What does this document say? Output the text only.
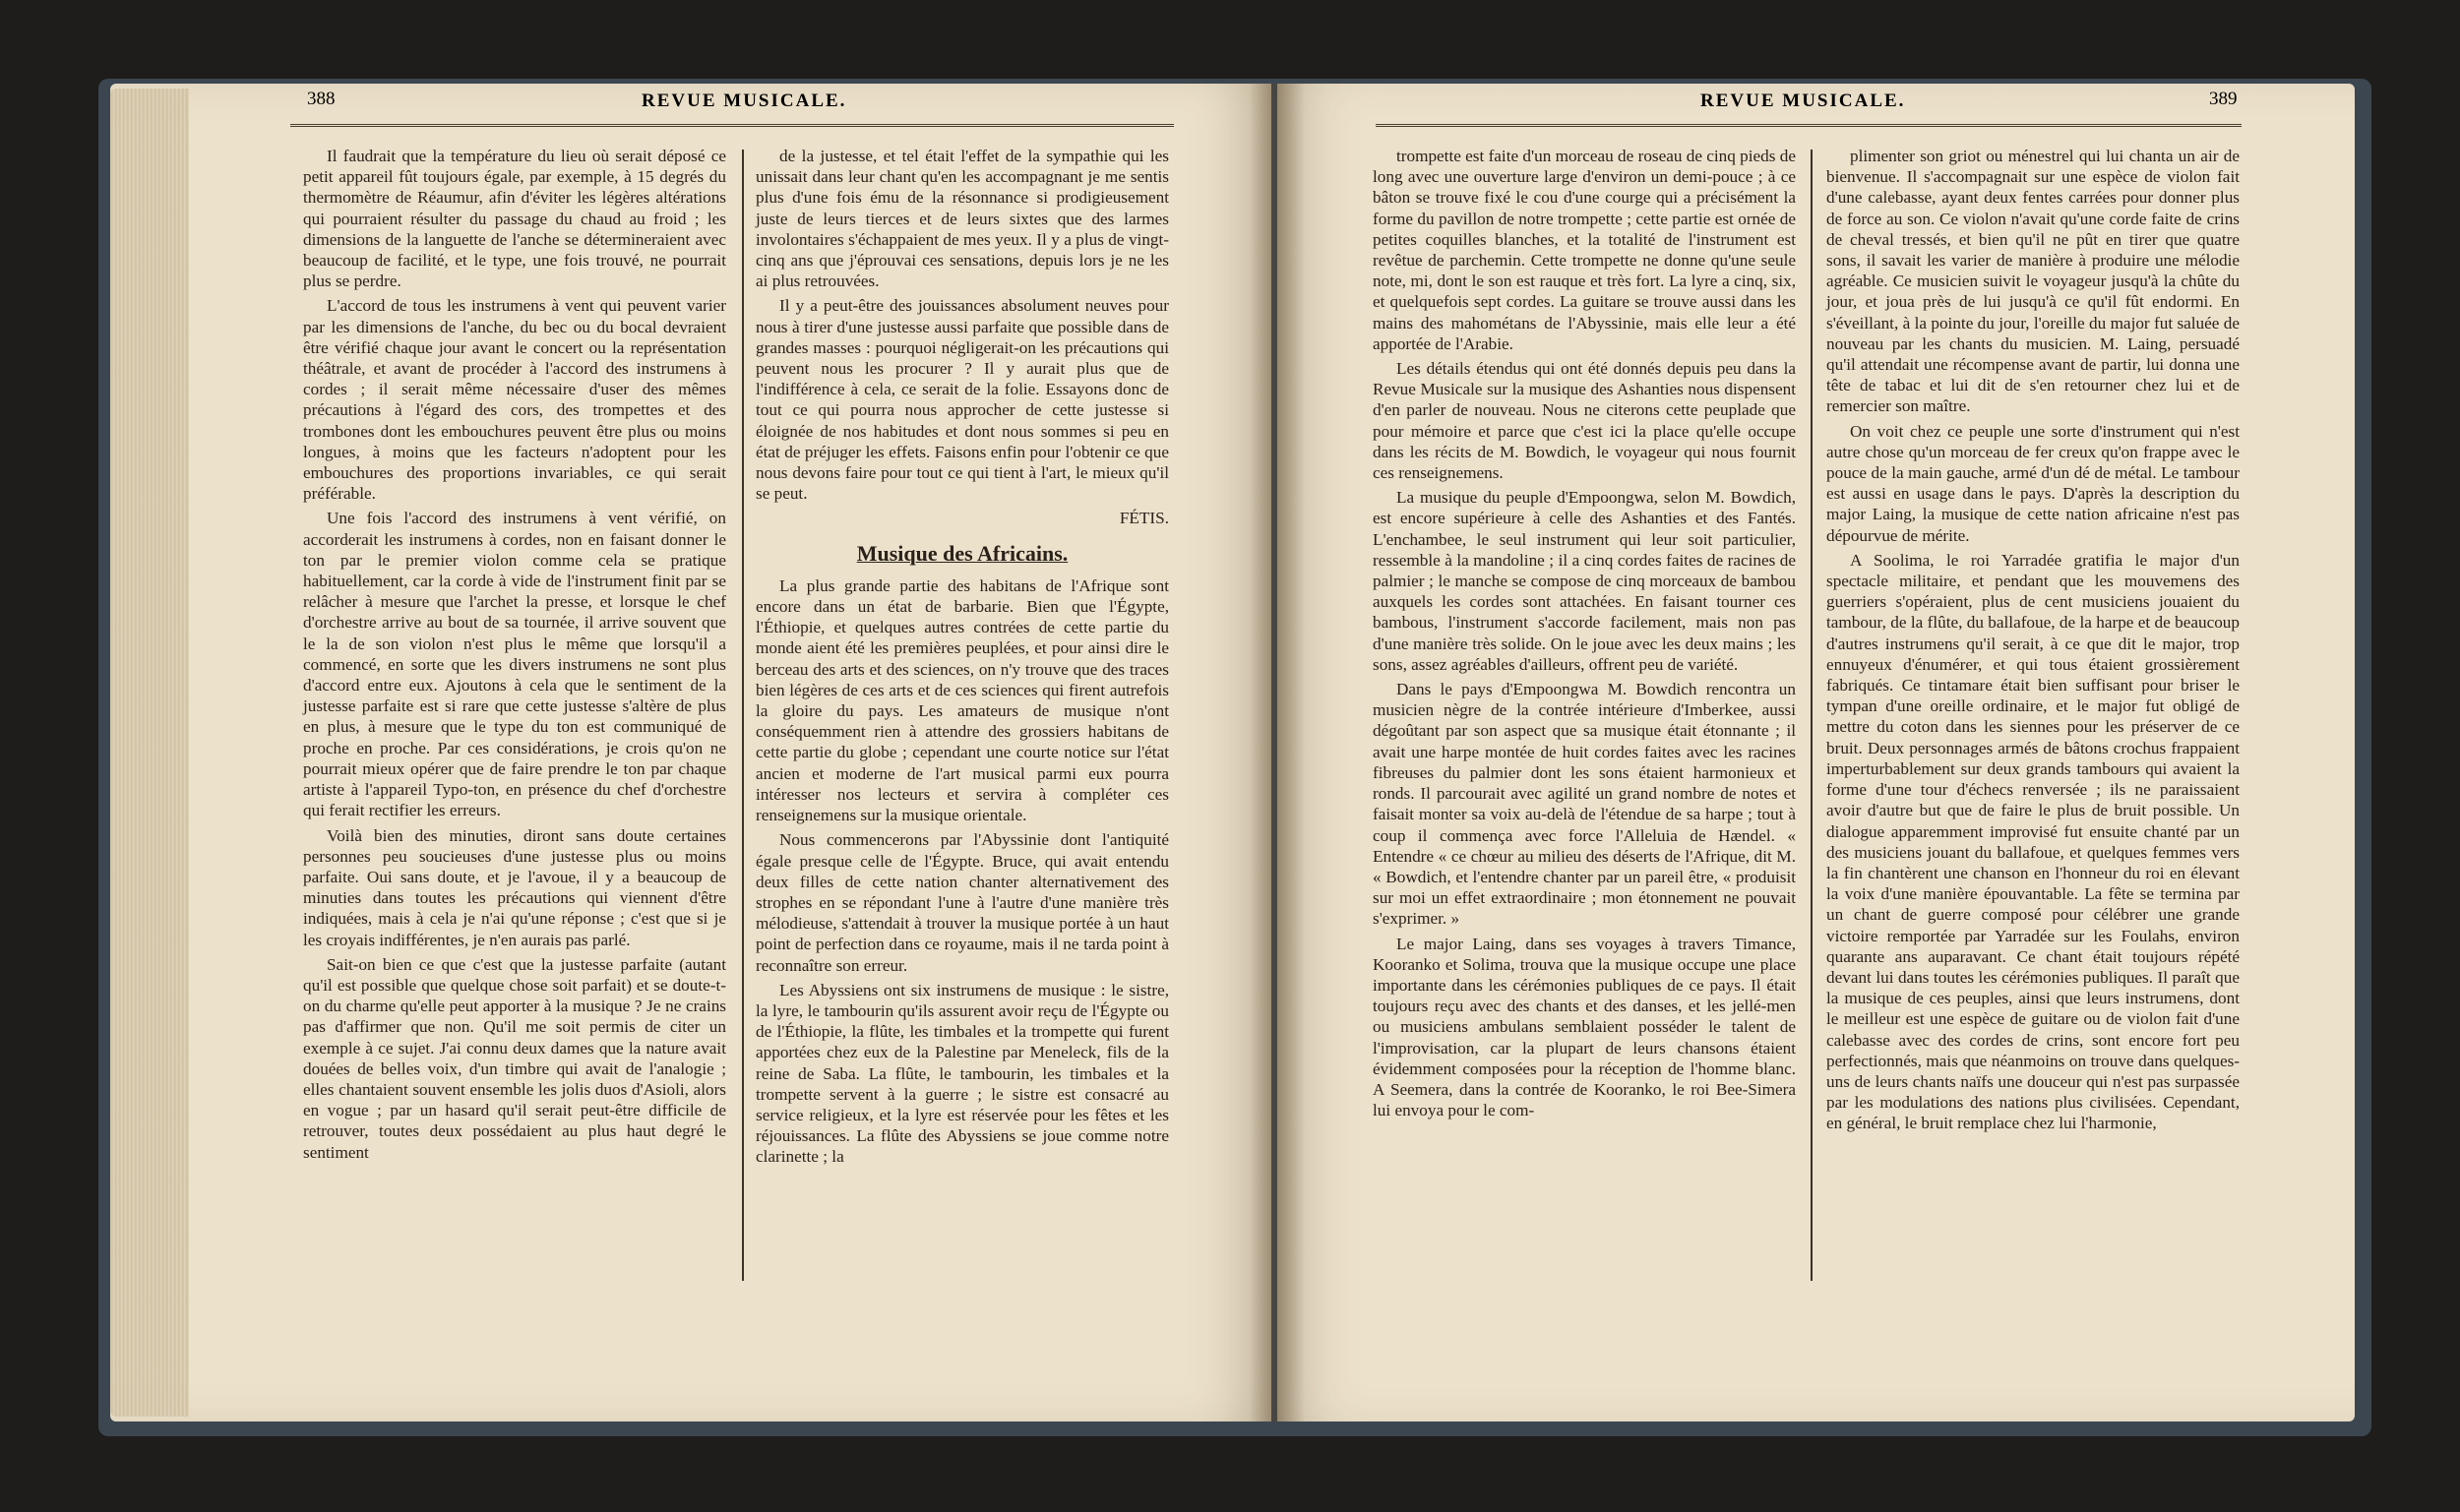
388	REVUE MUSICALE.

Il faudrait que la température du lieu où serait déposé ce petit appareil fût toujours égale, par exemple, à 15 degrés du thermomètre de Réaumur, afin d'éviter les légères altérations qui pourraient résulter du passage du chaud au froid ; les dimensions de la languette de l'anche se détermineraient avec beaucoup de facilité, et le type, une fois trouvé, ne pourrait plus se perdre.

L'accord de tous les instrumens à vent qui peuvent varier par les dimensions de l'anche, du bec ou du bocal devraient être vérifié chaque jour avant le concert ou la représentation théâtrale, et avant de procéder à l'accord des instrumens à cordes ; il serait même nécessaire d'user des mêmes précautions à l'égard des cors, des trompettes et des trombones dont les embouchures peuvent être plus ou moins longues, à moins que les facteurs n'adoptent pour les embouchures des proportions invariables, ce qui serait préférable.

Une fois l'accord des instrumens à vent vérifié, on accorderait les instrumens à cordes, non en faisant donner le ton par le premier violon comme cela se pratique habituellement, car la corde à vide de l'instrument finit par se relâcher à mesure que l'archet la presse, et lorsque le chef d'orchestre arrive au bout de sa tournée, il arrive souvent que le la de son violon n'est plus le même que lorsqu'il a commencé, en sorte que les divers instrumens ne sont plus d'accord entre eux. Ajoutons à cela que le sentiment de la justesse parfaite est si rare que cette justesse s'altère de plus en plus, à mesure que le type du ton est communiqué de proche en proche. Par ces considérations, je crois qu'on ne pourrait mieux opérer que de faire prendre le ton par chaque artiste à l'appareil Typo-ton, en présence du chef d'orchestre qui ferait rectifier les erreurs.

Voilà bien des minuties, diront sans doute certaines personnes peu soucieuses d'une justesse plus ou moins parfaite. Oui sans doute, et je l'avoue, il y a beaucoup de minuties dans toutes les précautions qui viennent d'être indiquées, mais à cela je n'ai qu'une réponse ; c'est que si je les croyais indifférentes, je n'en aurais pas parlé.

Sait-on bien ce que c'est que la justesse parfaite (autant qu'il est possible que quelque chose soit parfait) et se doute-t-on du charme qu'elle peut apporter à la musique ? Je ne crains pas d'affirmer que non. Qu'il me soit permis de citer un exemple à ce sujet. J'ai connu deux dames que la nature avait douées de belles voix, d'un timbre qui avait de l'analogie ; elles chantaient souvent ensemble les jolis duos d'Asioli, alors en vogue ; par un hasard qu'il serait peut-être difficile de retrouver, toutes deux possédaient au plus haut degré le sentiment

de la justesse, et tel était l'effet de la sympathie qui les unissait dans leur chant qu'en les accompagnant je me sentis plus d'une fois ému de la résonnance si prodigieusement juste de leurs tierces et de leurs sixtes que des larmes involontaires s'échappaient de mes yeux. Il y a plus de vingt-cinq ans que j'éprouvai ces sensations, depuis lors je ne les ai plus retrouvées.

Il y a peut-être des jouissances absolument neuves pour nous à tirer d'une justesse aussi parfaite que possible dans de grandes masses : pourquoi négligerait-on les précautions qui peuvent nous les procurer ? Il y aurait plus que de l'indifférence à cela, ce serait de la folie. Essayons donc de tout ce qui pourra nous approcher de cette justesse si éloignée de nos habitudes et dont nous sommes si peu en état de préjuger les effets. Faisons enfin pour l'obtenir ce que nous devons faire pour tout ce qui tient à l'art, le mieux qu'il se peut.

FÉTIS.

Musique des Africains.

La plus grande partie des habitans de l'Afrique sont encore dans un état de barbarie. Bien que l'Égypte, l'Éthiopie, et quelques autres contrées de cette partie du monde aient été les premières peuplées, et pour ainsi dire le berceau des arts et des sciences, on n'y trouve que des traces bien légères de ces arts et de ces sciences qui firent autrefois la gloire du pays. Les amateurs de musique n'ont conséquemment rien à attendre des grossiers habitans de cette partie du globe ; cependant une courte notice sur l'état ancien et moderne de l'art musical parmi eux pourra intéresser nos lecteurs et servira à compléter ces renseignemens sur la musique orientale.

Nous commencerons par l'Abyssinie dont l'antiquité égale presque celle de l'Égypte. Bruce, qui avait entendu deux filles de cette nation chanter alternativement des strophes en se répondant l'une à l'autre d'une manière très mélodieuse, s'attendait à trouver la musique portée à un haut point de perfection dans ce royaume, mais il ne tarda point à reconnaître son erreur.

Les Abyssiens ont six instrumens de musique : le sistre, la lyre, le tambourin qu'ils assurent avoir reçu de l'Égypte ou de l'Éthiopie, la flûte, les timbales et la trompette qui furent apportées chez eux de la Palestine par Meneleck, fils de la reine de Saba. La flûte, le tambourin, les timbales et la trompette servent à la guerre ; le sistre est consacré au service religieux, et la lyre est réservée pour les fêtes et les réjouissances. La flûte des Abyssiens se joue comme notre clarinette ; la

REVUE MUSICALE.	389

trompette est faite d'un morceau de roseau de cinq pieds de long avec une ouverture large d'environ un demi-pouce ; à ce bâton se trouve fixé le cou d'une courge qui a précisément la forme du pavillon de notre trompette ; cette partie est ornée de petites coquilles blanches, et la totalité de l'instrument est revêtue de parchemin. Cette trompette ne donne qu'une seule note, mi, dont le son est rauque et très fort. La lyre a cinq, six, et quelquefois sept cordes. La guitare se trouve aussi dans les mains des mahométans de l'Abyssinie, mais elle leur a été apportée de l'Arabie.

Les détails étendus qui ont été donnés depuis peu dans la Revue Musicale sur la musique des Ashanties nous dispensent d'en parler de nouveau. Nous ne citerons cette peuplade que pour mémoire et parce que c'est ici la place qu'elle occupe dans les récits de M. Bowdich, le voyageur qui nous fournit ces renseignemens.

La musique du peuple d'Empoongwa, selon M. Bowdich, est encore supérieure à celle des Ashanties et des Fantés. L'enchambee, le seul instrument qui leur soit particulier, ressemble à la mandoline ; il a cinq cordes faites de racines de palmier ; le manche se compose de cinq morceaux de bambou auxquels les cordes sont attachées. En faisant tourner ces bambous, l'instrument s'accorde facilement, mais non pas d'une manière très solide. On le joue avec les deux mains ; les sons, assez agréables d'ailleurs, offrent peu de variété.

Dans le pays d'Empoongwa M. Bowdich rencontra un musicien nègre de la contrée intérieure d'Imberkee, aussi dégoûtant par son aspect que sa musique était étonnante ; il avait une harpe montée de huit cordes faites avec les racines fibreuses du palmier dont les sons étaient harmonieux et ronds. Il parcourait avec agilité un grand nombre de notes et faisait monter sa voix au-delà de l'étendue de sa harpe ; tout à coup il commença avec force l'Alleluia de Hændel. « Entendre « ce chœur au milieu des déserts de l'Afrique, dit M. « Bowdich, et l'entendre chanter par un pareil être, « produisit sur moi un effet extraordinaire ; mon étonnement ne pouvait s'exprimer. »

Le major Laing, dans ses voyages à travers Timance, Kooranko et Solima, trouva que la musique occupe une place importante dans les cérémonies publiques de ce pays. Il était toujours reçu avec des chants et des danses, et les jellé-men ou musiciens ambulans semblaient posséder le talent de l'improvisation, car la plupart de leurs chansons étaient évidemment composées pour la réception de l'homme blanc. A Seemera, dans la contrée de Kooranko, le roi Bee-Simera lui envoya pour le com-

plimenter son griot ou ménestrel qui lui chanta un air de bienvenue. Il s'accompagnait sur une espèce de violon fait d'une calebasse, ayant deux fentes carrées pour donner plus de force au son. Ce violon n'avait qu'une corde faite de crins de cheval tressés, et bien qu'il ne pût en tirer que quatre sons, il savait les varier de manière à produire une mélodie agréable. Ce musicien suivit le voyageur jusqu'à la chûte du jour, et joua près de lui jusqu'à ce qu'il fût endormi. En s'éveillant, à la pointe du jour, l'oreille du major fut saluée de nouveau par les chants du musicien. M. Laing, persuadé qu'il attendait une récompense avant de partir, lui donna une tête de tabac et lui dit de s'en retourner chez lui et de remercier son maître.

On voit chez ce peuple une sorte d'instrument qui n'est autre chose qu'un morceau de fer creux qu'on frappe avec le pouce de la main gauche, armé d'un dé de métal. Le tambour est aussi en usage dans le pays. D'après la description du major Laing, la musique de cette nation africaine n'est pas dépourvue de mérite.

A Soolima, le roi Yarradée gratifia le major d'un spectacle militaire, et pendant que les mouvemens des guerriers s'opéraient, plus de cent musiciens jouaient du tambour, de la flûte, du ballafoue, de la harpe et de beaucoup d'autres instrumens qu'il serait, à ce que dit le major, trop ennuyeux d'énumérer, et qui tous étaient grossièrement fabriqués. Ce tintamare était bien suffisant pour briser le tympan d'une oreille ordinaire, et le major fut obligé de mettre du coton dans les siennes pour les préserver de ce bruit. Deux personnages armés de bâtons crochus frappaient imperturbablement sur deux grands tambours qui avaient la forme d'une tour d'échecs renversée ; ils ne paraissaient avoir d'autre but que de faire le plus de bruit possible. Un dialogue apparemment improvisé fut ensuite chanté par un des musiciens jouant du ballafoue, et quelques femmes vers la fin chantèrent une chanson en l'honneur du roi en élevant la voix d'une manière épouvantable. La fête se termina par un chant de guerre composé pour célébrer une grande victoire remportée par Yarradée sur les Foulahs, environ quarante ans auparavant. Ce chant était toujours répété devant lui dans toutes les cérémonies publiques. Il paraît que la musique de ces peuples, ainsi que leurs instrumens, dont le meilleur est une espèce de guitare ou de violon fait d'une calebasse avec des cordes de crins, sont encore fort peu perfectionnés, mais que néanmoins on trouve dans quelques-uns de leurs chants naïfs une douceur qui n'est pas surpassée par les modulations des nations plus civilisées. Cependant, en général, le bruit remplace chez lui l'harmonie,
